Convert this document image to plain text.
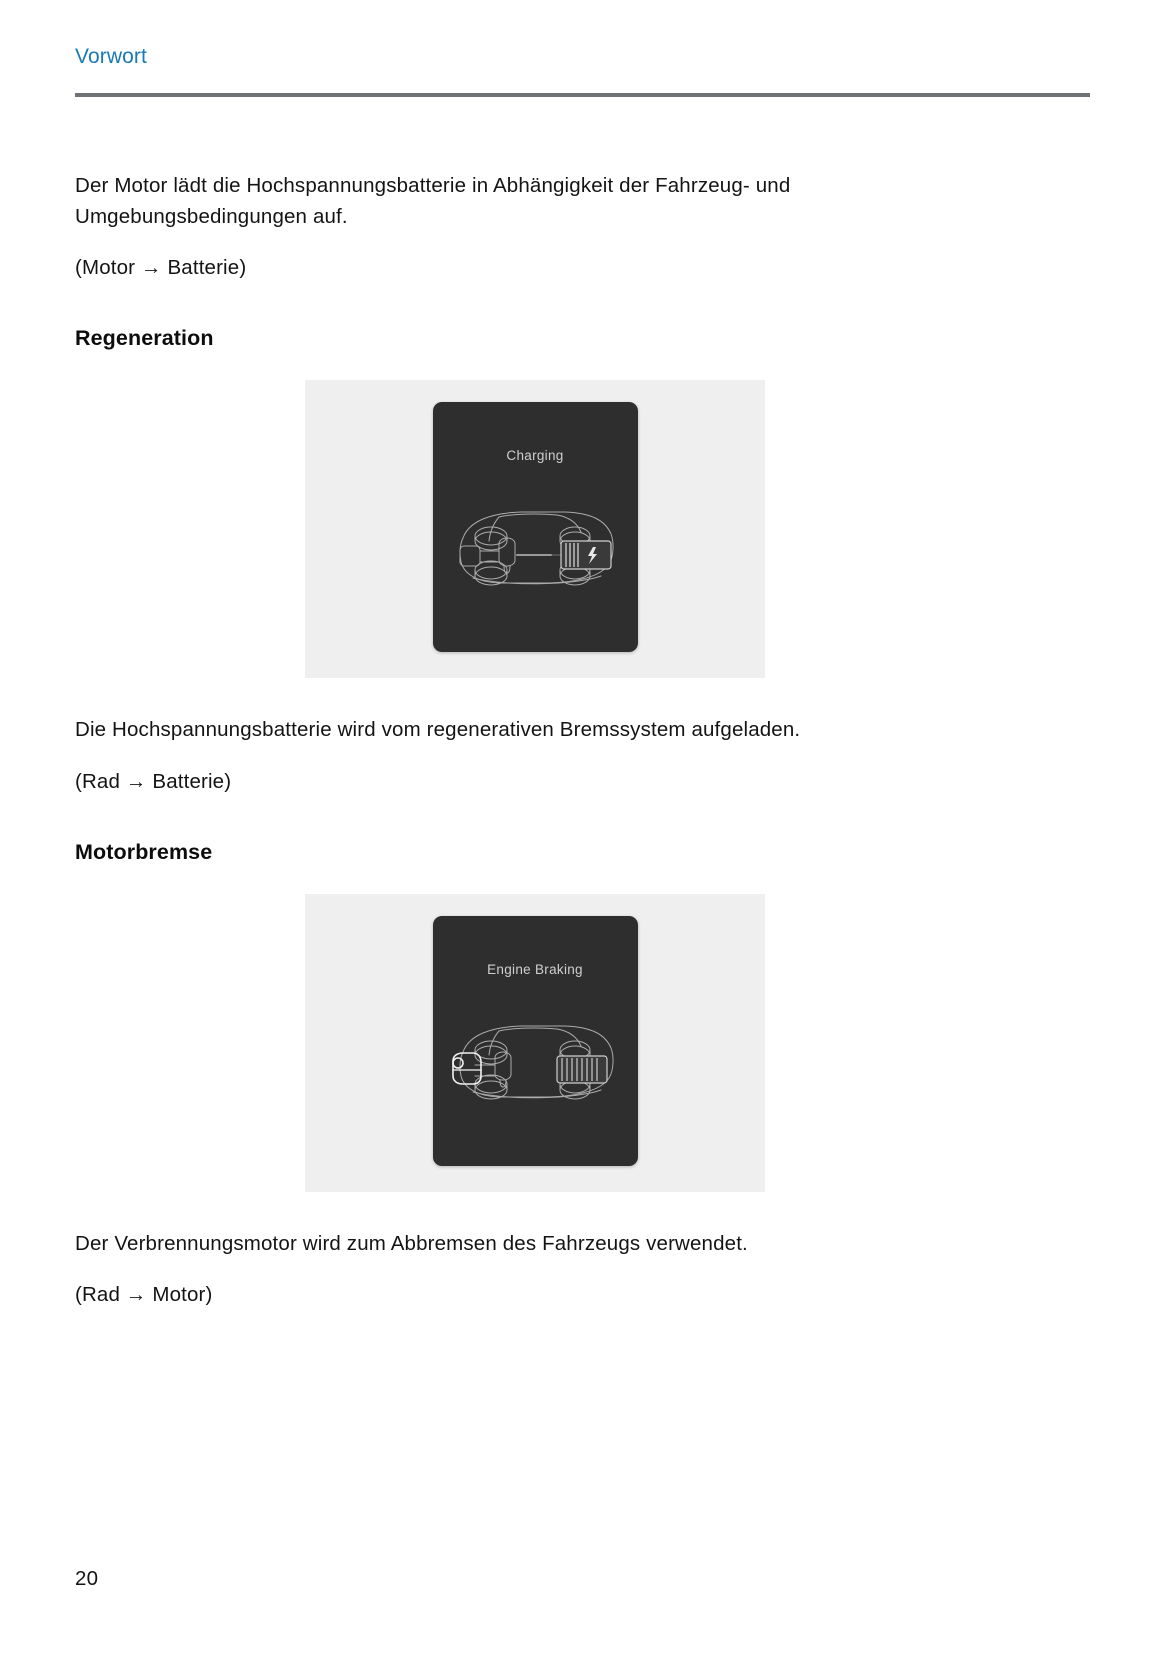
Vorwort

Der Motor lädt die Hochspannungsbatterie in Abhängigkeit der Fahrzeug- und Umgebungsbedingungen auf.

(Motor → Batterie)

Regeneration
Charging

Die Hochspannungsbatterie wird vom regenerativen Bremssystem aufgeladen.

(Rad → Batterie)

Motorbremse
Engine Braking

Der Verbrennungsmotor wird zum Abbremsen des Fahrzeugs verwendet.

(Rad → Motor)

20
